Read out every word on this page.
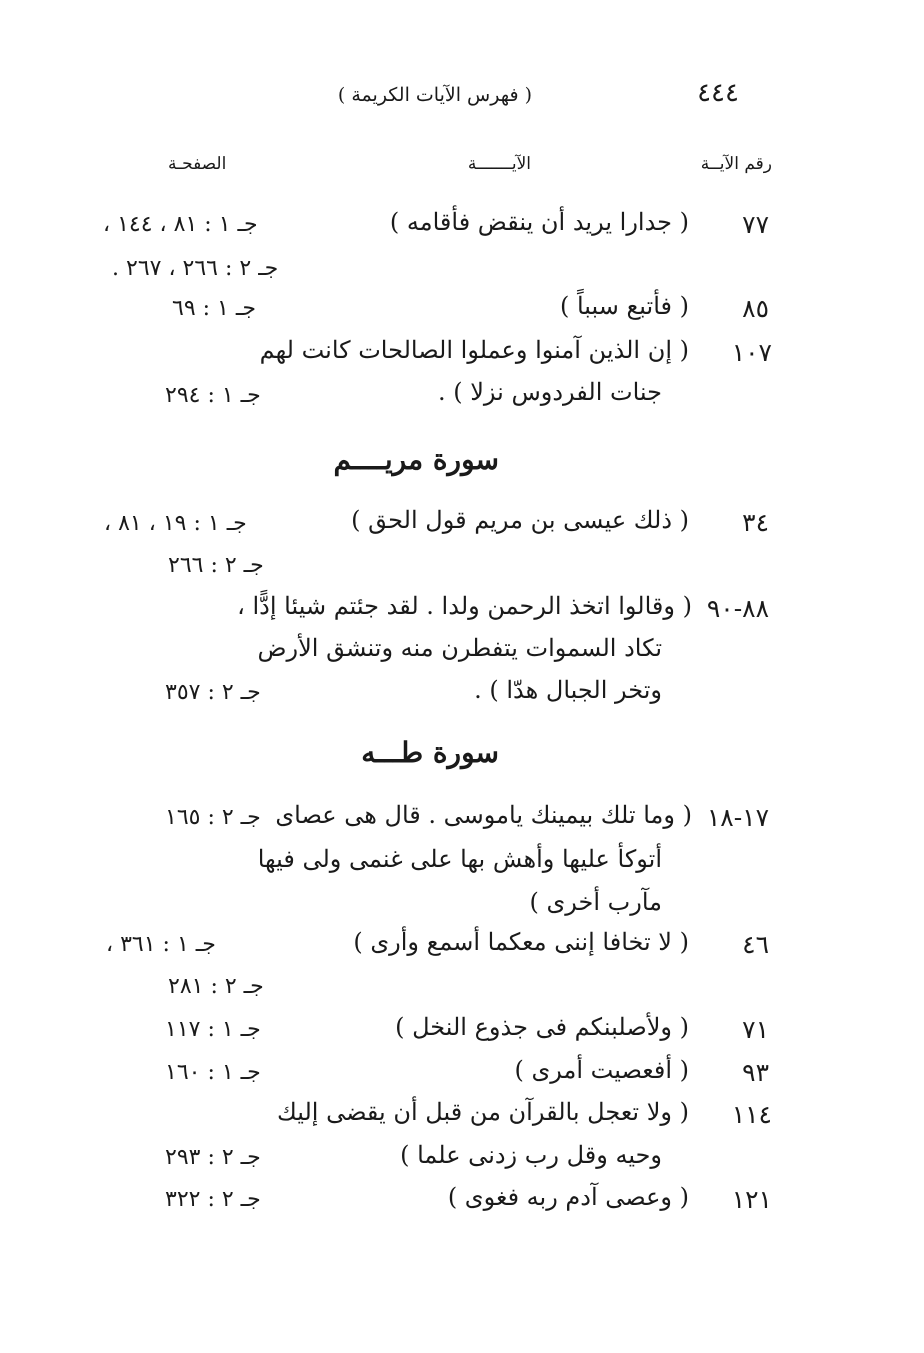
٤٤٤
( فهرس الآيات الكريمة )
رقم الآيــة
الآيـــــــة
الصفحـة
٧٧
( جدارا يريد أن ينقض فأقامه )
جـ ١ : ٨١ ، ١٤٤ ،
جـ ٢ : ٢٦٦ ، ٢٦٧ .
٨٥
( فأتبع سبباً )
جـ ١ : ٦٩
١٠٧
( إن الذين آمنوا وعملوا الصالحات كانت لهم
جنات الفردوس نزلا ) .
جـ ١ : ٢٩٤
سورة مريــــم
٣٤
( ذلك عيسى بن مريم قول الحق )
جـ ١ : ١٩ ، ٨١ ،
جـ ٢ : ٢٦٦
٨٨-٩٠
( وقالوا اتخذ الرحمن ولدا . لقد جئتم شيئا إدًّا ،
تكاد السموات يتفطرن منه وتنشق الأرض
وتخر الجبال هدّا ) .
جـ ٢ : ٣٥٧
سورة طـــه
١٧-١٨
( وما تلك بيمينك ياموسى . قال هى عصاى
جـ ٢ : ١٦٥
أتوكأ عليها وأهش بها على غنمى ولى فيها
مآرب أخرى )
٤٦
( لا تخافا إننى معكما أسمع وأرى )
جـ ١ : ٣٦١ ،
جـ ٢ : ٢٨١
٧١
( ولأصلبنكم فى جذوع النخل )
جـ ١ : ١١٧
٩٣
( أفعصيت أمرى )
جـ ١ : ١٦٠
١١٤
( ولا تعجل بالقرآن من قبل أن يقضى إليك
وحيه وقل رب زدنى علما )
جـ ٢ : ٢٩٣
١٢١
( وعصى آدم ربه فغوى )
جـ ٢ : ٣٢٢
